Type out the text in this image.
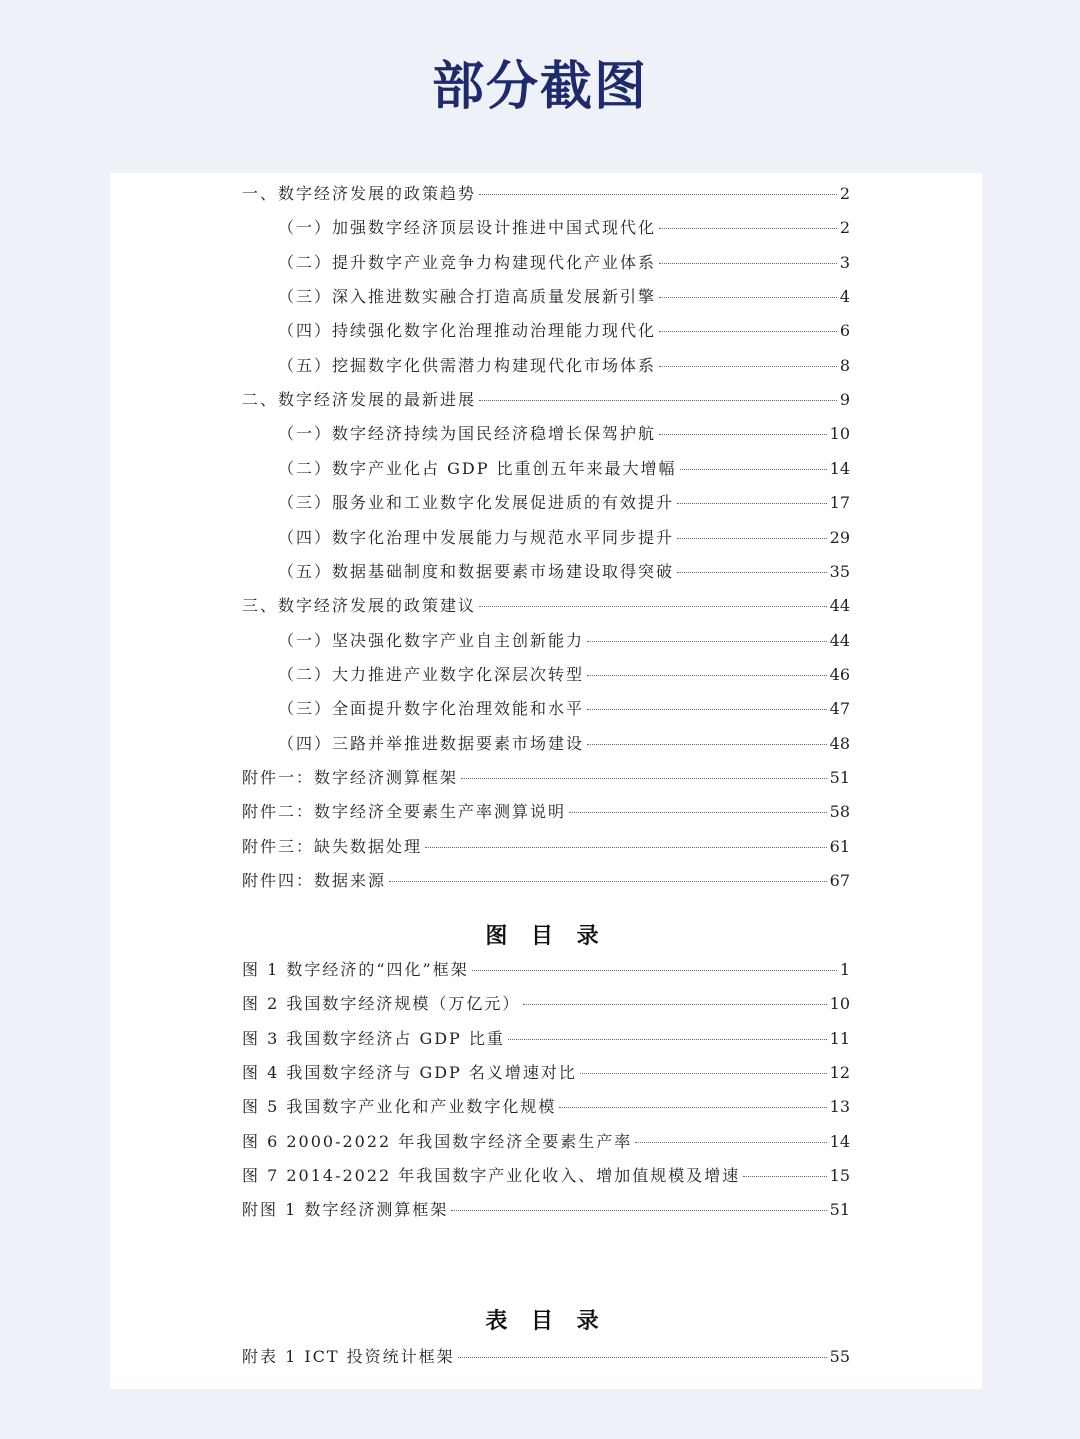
部分截图
一、数字经济发展的政策趋势	2
（一）加强数字经济顶层设计推进中国式现代化	2
（二）提升数字产业竞争力构建现代化产业体系	3
（三）深入推进数实融合打造高质量发展新引擎	4
（四）持续强化数字化治理推动治理能力现代化	6
（五）挖掘数字化供需潜力构建现代化市场体系	8
二、数字经济发展的最新进展	9
（一）数字经济持续为国民经济稳增长保驾护航	10
（二）数字产业化占 GDP 比重创五年来最大增幅	14
（三）服务业和工业数字化发展促进质的有效提升	17
（四）数字化治理中发展能力与规范水平同步提升	29
（五）数据基础制度和数据要素市场建设取得突破	35
三、数字经济发展的政策建议	44
（一）坚决强化数字产业自主创新能力	44
（二）大力推进产业数字化深层次转型	46
（三）全面提升数字化治理效能和水平	47
（四）三路并举推进数据要素市场建设	48
附件一：数字经济测算框架	51
附件二：数字经济全要素生产率测算说明	58
附件三：缺失数据处理	61
附件四：数据来源	67
图 目 录
图 1 数字经济的“四化”框架	1
图 2 我国数字经济规模（万亿元）	10
图 3 我国数字经济占 GDP 比重	11
图 4 我国数字经济与 GDP 名义增速对比	12
图 5 我国数字产业化和产业数字化规模	13
图 6 2000-2022 年我国数字经济全要素生产率	14
图 7 2014-2022 年我国数字产业化收入、增加值规模及增速	15
附图 1 数字经济测算框架	51
表 目 录
附表 1 ICT 投资统计框架	55
